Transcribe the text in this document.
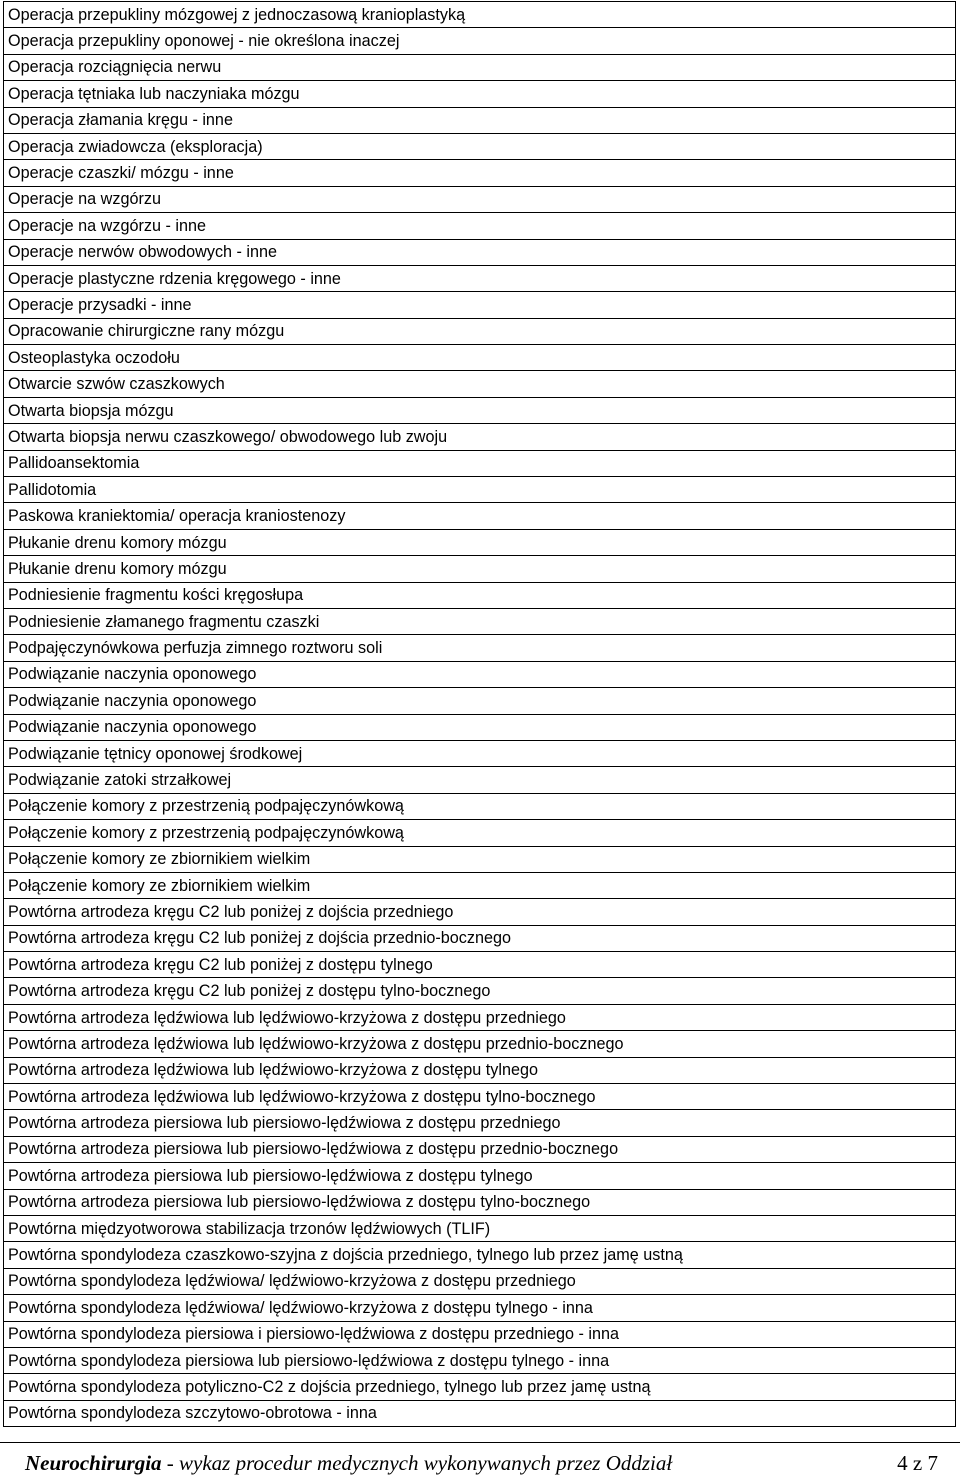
Operacja przepukliny mózgowej z jednoczasową kranioplastyką
Operacja przepukliny oponowej - nie określona inaczej
Operacja rozciągnięcia nerwu
Operacja tętniaka lub naczyniaka mózgu
Operacja złamania kręgu - inne
Operacja zwiadowcza (eksploracja)
Operacje czaszki/ mózgu - inne
Operacje na wzgórzu
Operacje na wzgórzu - inne
Operacje nerwów obwodowych - inne
Operacje plastyczne rdzenia kręgowego - inne
Operacje przysadki - inne
Opracowanie chirurgiczne rany mózgu
Osteoplastyka oczodołu
Otwarcie szwów czaszkowych
Otwarta biopsja mózgu
Otwarta biopsja nerwu czaszkowego/ obwodowego lub zwoju
Pallidoansektomia
Pallidotomia
Paskowa kraniektomia/ operacja kraniostenozy
Płukanie drenu komory mózgu
Płukanie drenu komory mózgu
Podniesienie fragmentu kości kręgosłupa
Podniesienie złamanego fragmentu czaszki
Podpajęczynówkowa perfuzja zimnego roztworu soli
Podwiązanie naczynia oponowego
Podwiązanie naczynia oponowego
Podwiązanie naczynia oponowego
Podwiązanie tętnicy oponowej środkowej
Podwiązanie zatoki strzałkowej
Połączenie komory z przestrzenią podpajęczynówkową
Połączenie komory z przestrzenią podpajęczynówkową
Połączenie komory ze zbiornikiem wielkim
Połączenie komory ze zbiornikiem wielkim
Powtórna artrodeza kręgu C2 lub poniżej z dojścia przedniego
Powtórna artrodeza kręgu C2 lub poniżej z dojścia przednio-bocznego
Powtórna artrodeza kręgu C2 lub poniżej z dostępu tylnego
Powtórna artrodeza kręgu C2 lub poniżej z dostępu tylno-bocznego
Powtórna artrodeza lędźwiowa lub lędźwiowo-krzyżowa z dostępu przedniego
Powtórna artrodeza lędźwiowa lub lędźwiowo-krzyżowa z dostępu przednio-bocznego
Powtórna artrodeza lędźwiowa lub lędźwiowo-krzyżowa z dostępu tylnego
Powtórna artrodeza lędźwiowa lub lędźwiowo-krzyżowa z dostępu tylno-bocznego
Powtórna artrodeza piersiowa lub piersiowo-lędźwiowa z dostępu przedniego
Powtórna artrodeza piersiowa lub piersiowo-lędźwiowa z dostępu przednio-bocznego
Powtórna artrodeza piersiowa lub piersiowo-lędźwiowa z dostępu tylnego
Powtórna artrodeza piersiowa lub piersiowo-lędźwiowa z dostępu tylno-bocznego
Powtórna międzyotworowa stabilizacja trzonów lędźwiowych (TLIF)
Powtórna spondylodeza czaszkowo-szyjna z dojścia przedniego, tylnego lub przez jamę ustną
Powtórna spondylodeza lędźwiowa/ lędźwiowo-krzyżowa z dostępu przedniego
Powtórna spondylodeza lędźwiowa/ lędźwiowo-krzyżowa z dostępu tylnego - inna
Powtórna spondylodeza piersiowa i piersiowo-lędźwiowa z dostępu przedniego - inna
Powtórna spondylodeza piersiowa lub piersiowo-lędźwiowa z dostępu tylnego - inna
Powtórna spondylodeza potyliczno-C2 z dojścia przedniego, tylnego lub przez jamę ustną
Powtórna spondylodeza szczytowo-obrotowa - inna
Neurochirurgia - wykaz procedur medycznych wykonywanych przez Oddział	4 z 7
